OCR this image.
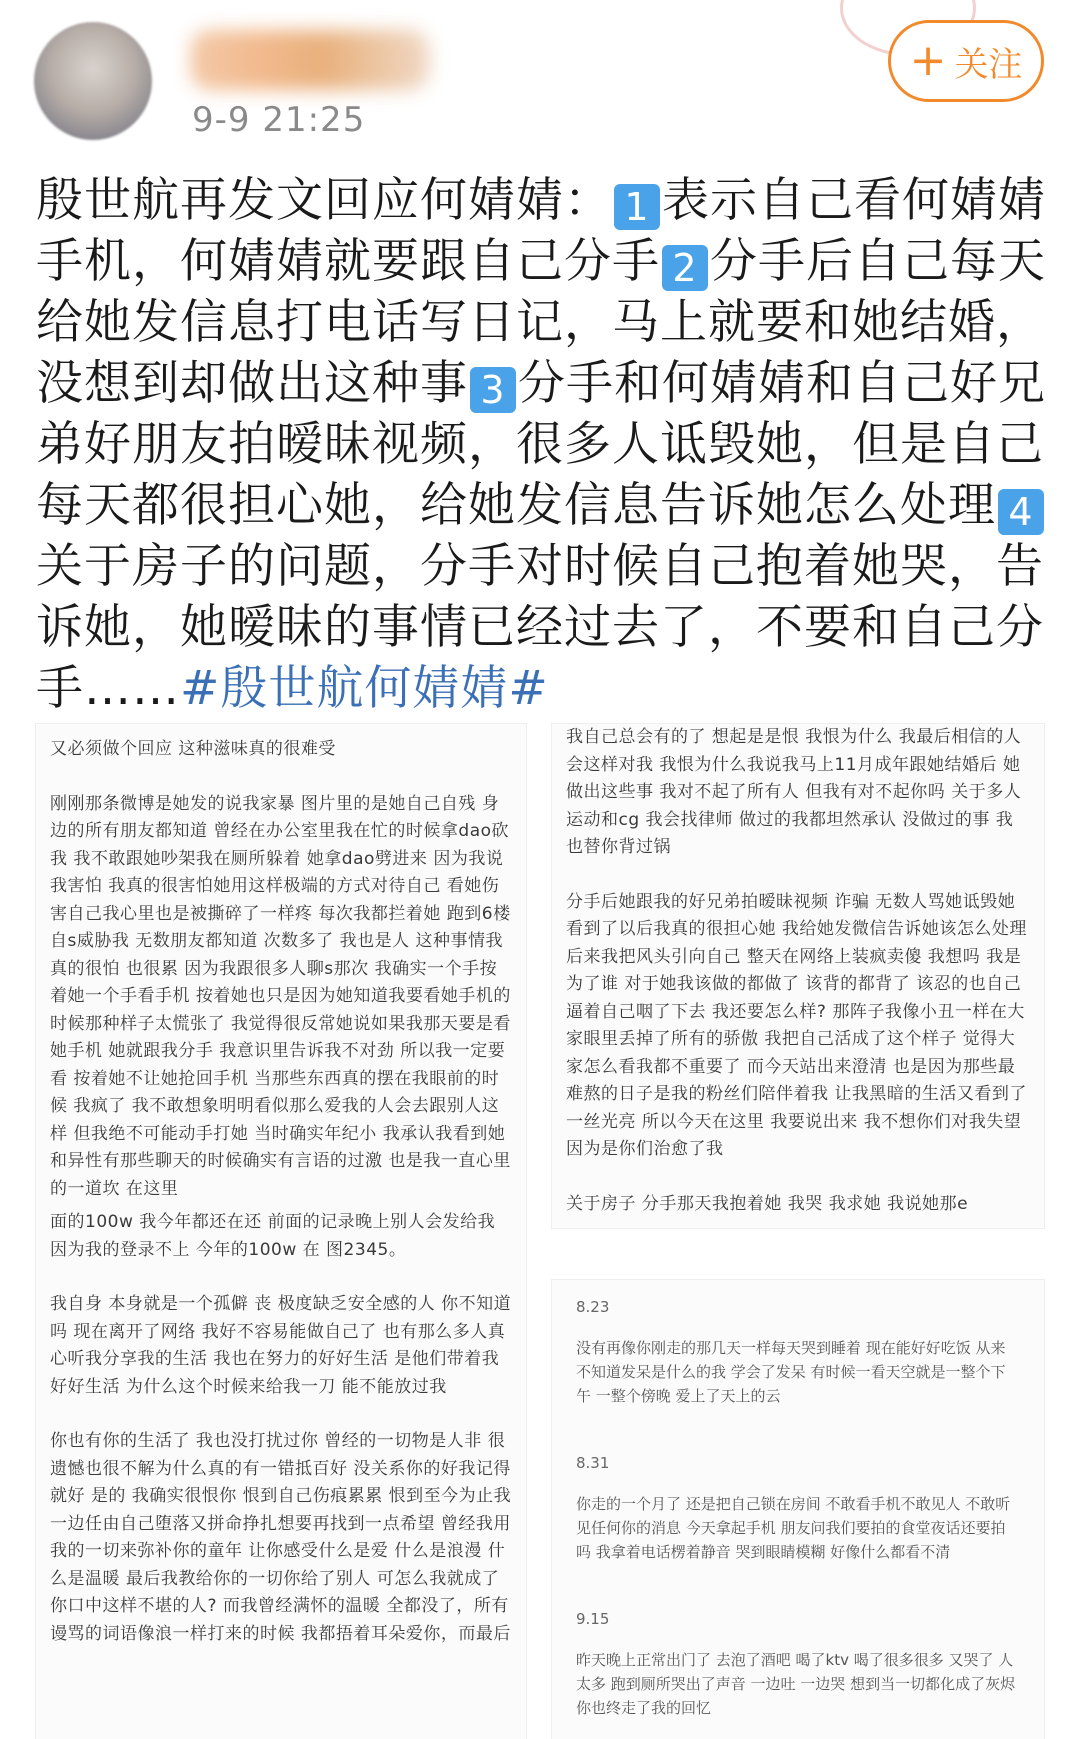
9-9 21:25
+ 关注
殷世航再发文回应何婧婧： 1 表示自己看何婧婧手机，何婧婧就要跟自己分手 2 分手后自己每天给她发信息打电话写日记，马上就要和她结婚，没想到却做出这种事 3 分手和何婧婧和自己好兄弟好朋友拍暧昧视频，很多人诋毁她，但是自己每天都很担心她，给她发信息告诉她怎么处理 4关于房子的问题，分手对时候自己抱着她哭，告诉她，她暧昧的事情已经过去了，不要和自己分手……#殷世航何婧婧#

又必须做个回应 这种滋味真的很难受

刚刚那条微博是她发的说我家暴 图片里的是她自己自残 身边的所有朋友都知道 曾经在办公室里我在忙的时候拿dao砍我 我不敢跟她吵架我在厕所躲着 她拿dao劈进来 因为我说我害怕 我真的很害怕她用这样极端的方式对待自己 看她伤害自己我心里也是被撕碎了一样疼 每次我都拦着她 跑到6楼自s威胁我 无数朋友都知道 次数多了 我也是人 这种事情我真的很怕 也很累 因为我跟很多人聊s那次 我确实一个手按着她一个手看手机 按着她也只是因为她知道我要看她手机的时候那种样子太慌张了 我觉得很反常她说如果我那天要是看她手机 她就跟我分手 我意识里告诉我不对劲 所以我一定要看 按着她不让她抢回手机 当那些东西真的摆在我眼前的时候 我疯了 我不敢想象明明看似那么爱我的人会去跟别人这样 但我绝不可能动手打她 当时确实年纪小 我承认我看到她和异性有那些聊天的时候确实有言语的过激 也是我一直心里的一道坎 在这里

面的100w 我今年都还在还 前面的记录晚上别人会发给我 因为我的登录不上 今年的100w 在 图2345。

我自身 本身就是一个孤僻 丧 极度缺乏安全感的人 你不知道吗 现在离开了网络 我好不容易能做自己了 也有那么多人真心听我分享我的生活 我也在努力的好好生活 是他们带着我好好生活 为什么这个时候来给我一刀 能不能放过我

你也有你的生活了 我也没打扰过你 曾经的一切物是人非 很遗憾也很不解为什么真的有一错抵百好 没关系你的好我记得就好 是的 我确实很恨你 恨到自己伤痕累累 恨到至今为止我一边任由自己堕落又拼命挣扎想要再找到一点希望 曾经我用我的一切来弥补你的童年 让你感受什么是爱 什么是浪漫 什么是温暖 最后我教给你的一切你给了别人 可怎么我就成了你口中这样不堪的人? 而我曾经满怀的温暖 全都没了，所有谩骂的词语像浪一样打来的时候 我都捂着耳朵爱你，而最后

我自己总会有的了 想起是是恨 我恨为什么 我最后相信的人 会这样对我 我恨为什么我说我马上11月成年跟她结婚后 她做出这些事 我对不起了所有人 但我有对不起你吗 关于多人运动和cg 我会找律师 做过的我都坦然承认 没做过的事 我也替你背过锅

分手后她跟我的好兄弟拍暧昧视频 诈骗 无数人骂她诋毁她 看到了以后我真的很担心她 我给她发微信告诉她该怎么处理 后来我把风头引向自己 整天在网络上装疯卖傻 我想吗 我是为了谁 对于她我该做的都做了 该背的都背了 该忍的也自己逼着自己咽了下去 我还要怎么样? 那阵子我像小丑一样在大家眼里丢掉了所有的骄傲 我把自己活成了这个样子 觉得大家怎么看我都不重要了 而今天站出来澄清 也是因为那些最难熬的日子是我的粉丝们陪伴着我 让我黑暗的生活又看到了一丝光亮 所以今天在这里 我要说出来 我不想你们对我失望 因为是你们治愈了我

关于房子 分手那天我抱着她 我哭 我求她 我说她那e

8.23

没有再像你刚走的那几天一样每天哭到睡着 现在能好好吃饭 从来不知道发呆是什么的我 学会了发呆 有时候一看天空就是一整个下午 一整个傍晚 爱上了天上的云

8.31

你走的一个月了 还是把自己锁在房间 不敢看手机不敢见人 不敢听见任何你的消息 今天拿起手机 朋友问我们要拍的食堂夜话还要拍吗 我拿着电话楞着静音 哭到眼睛模糊 好像什么都看不清

9.15

昨天晚上正常出门了 去泡了酒吧 喝了ktv 喝了很多很多 又哭了 人太多 跑到厕所哭出了声音 一边吐 一边哭 想到当一切都化成了灰烬 你也终走了我的回忆
